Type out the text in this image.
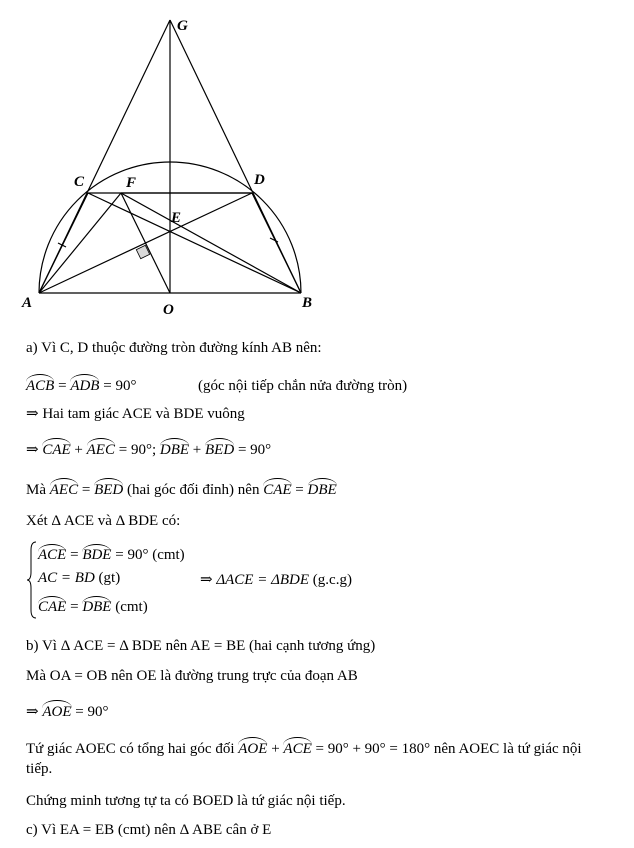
G
C	F	D
E
A	O	B
a) Vì C, D thuộc đường tròn đường kính AB nên:
ACB = ADB = 90°	(góc nội tiếp chắn nửa đường tròn)
⇒ Hai tam giác ACE và BDE vuông
⇒ CAE + AEC = 90°; DBE + BED = 90°
Mà AEC = BED (hai góc đối đỉnh) nên CAE = DBE
Xét Δ ACE và Δ BDE có:
ACE = BDE = 90° (cmt)
AC = BD (gt)
CAE = DBE (cmt)
⇒ ΔACE = ΔBDE (g.c.g)
b) Vì Δ ACE = Δ BDE nên AE = BE (hai cạnh tương ứng)
Mà OA = OB nên OE là đường trung trực của đoạn AB
⇒ AOE = 90°
Tứ giác AOEC có tổng hai góc đối AOE + ACE = 90° + 90° = 180° nên AOEC là tứ giác nội
tiếp.
Chứng minh tương tự ta có BOED là tứ giác nội tiếp.
c) Vì EA = EB (cmt) nên Δ ABE cân ở E
